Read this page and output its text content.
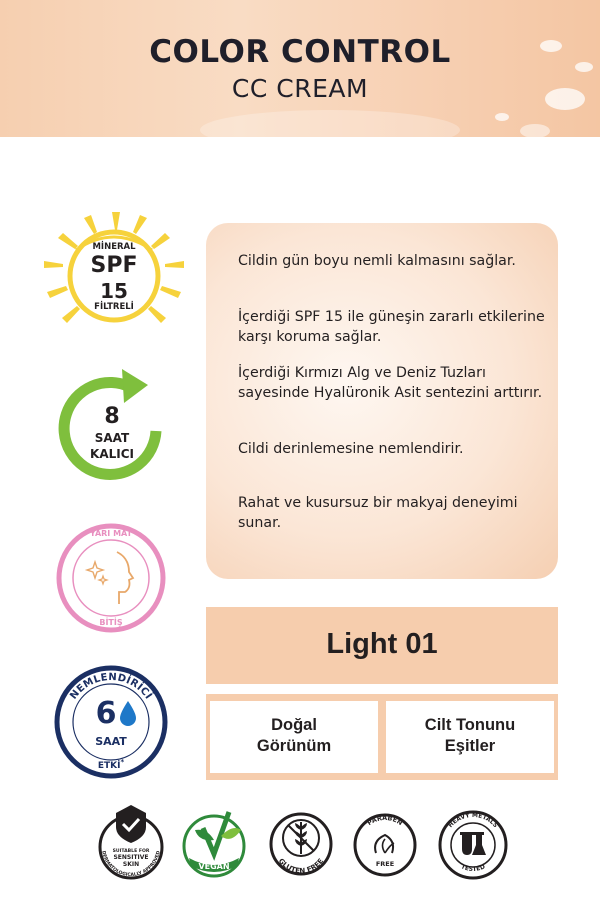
COLOR CONTROL
CC CREAM
MİNERAL
SPF
15
FİLTRELİ
8
SAAT
KALICI
YARI MAT
BİTİŞ
NEMLENDİRİCİ
6
SAAT
ETKİ*

Cildin gün boyu nemli kalmasını sağlar.

İçerdiği SPF 15 ile güneşin zararlı etkilerine karşı koruma sağlar.

İçerdiği Kırmızı Alg ve Deniz Tuzları sayesinde Hyalüronik Asit sentezini arttırır.

Cildi derinlemesine nemlendirir.

Rahat ve kusursuz bir makyaj deneyimi sunar.

Light 01
Doğal
Görünüm
Cilt Tonunu
Eşitler
SUITABLE FOR
SENSITIVE
SKIN
DERMATOLOGICALLY APPROVED
VEGAN	GLUTEN FREE
PARABEN
FREE
HEAVY METALS
TESTED
